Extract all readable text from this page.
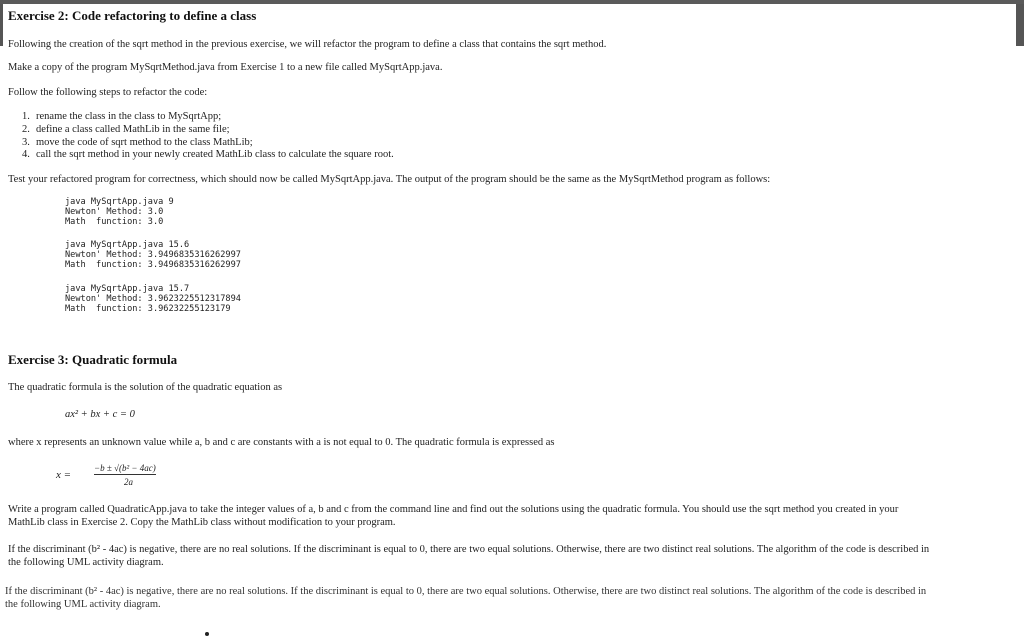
Exercise 2: Code refactoring to define a class
Following the creation of the sqrt method in the previous exercise, we will refactor the program to define a class that contains the sqrt method.
Make a copy of the program MySqrtMethod.java from Exercise 1 to a new file called MySqrtApp.java.
Follow the following steps to refactor the code:
1. rename the class in the class to MySqrtApp;
2. define a class called MathLib in the same file;
3. move the code of sqrt method to the class MathLib;
4. call the sqrt method in your newly created MathLib class to calculate the square root.
Test your refactored program for correctness, which should now be called MySqrtApp.java. The output of the program should be the same as the MySqrtMethod program as follows:
java MySqrtApp.java 9
Newton' Method: 3.0
Math  function: 3.0
java MySqrtApp.java 15.6
Newton' Method: 3.9496835316262997
Math  function: 3.9496835316262997
java MySqrtApp.java 15.7
Newton' Method: 3.9623225512317894
Math  function: 3.96232255123179
Exercise 3: Quadratic formula
The quadratic formula is the solution of the quadratic equation as
ax² + bx + c = 0
where x represents an unknown value while a, b and c are constants with a is not equal to 0. The quadratic formula is expressed as
x =
−b ± √(b² − 4ac)
2a
Write a program called QuadraticApp.java to take the integer values of a, b and c from the command line and find out the solutions using the quadratic formula. You should use the sqrt method you created in your
MathLib class in Exercise 2. Copy the MathLib class without modification to your program.
If the discriminant (b² - 4ac) is negative, there are no real solutions. If the discriminant is equal to 0, there are two equal solutions. Otherwise, there are two distinct real solutions. The algorithm of the code is described in
the following UML activity diagram.
If the discriminant (b² - 4ac) is negative, there are no real solutions. If the discriminant is equal to 0, there are two equal solutions. Otherwise, there are two distinct real solutions. The algorithm of the code is described in
the following UML activity diagram.
